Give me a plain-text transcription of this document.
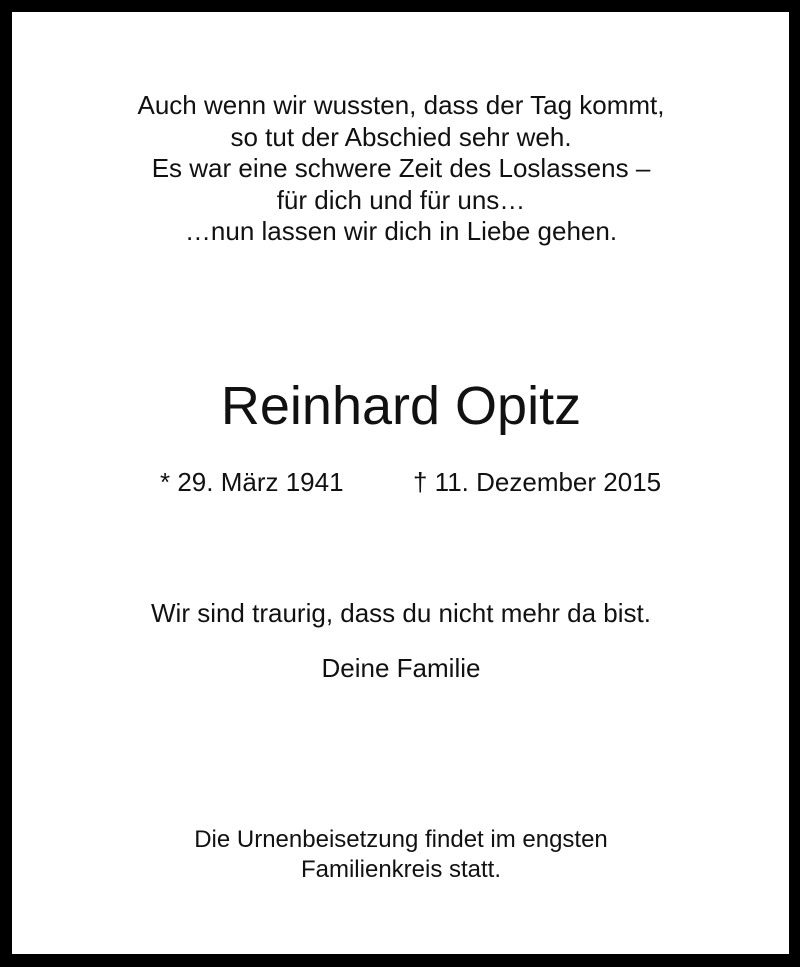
Auch wenn wir wussten, dass der Tag kommt,
so tut der Abschied sehr weh.
Es war eine schwere Zeit des Loslassens –
für dich und für uns…
…nun lassen wir dich in Liebe gehen.
Reinhard Opitz
* 29. März 1941	† 11. Dezember 2015
Wir sind traurig, dass du nicht mehr da bist.
Deine Familie
Die Urnenbeisetzung findet im engsten
Familienkreis statt.
